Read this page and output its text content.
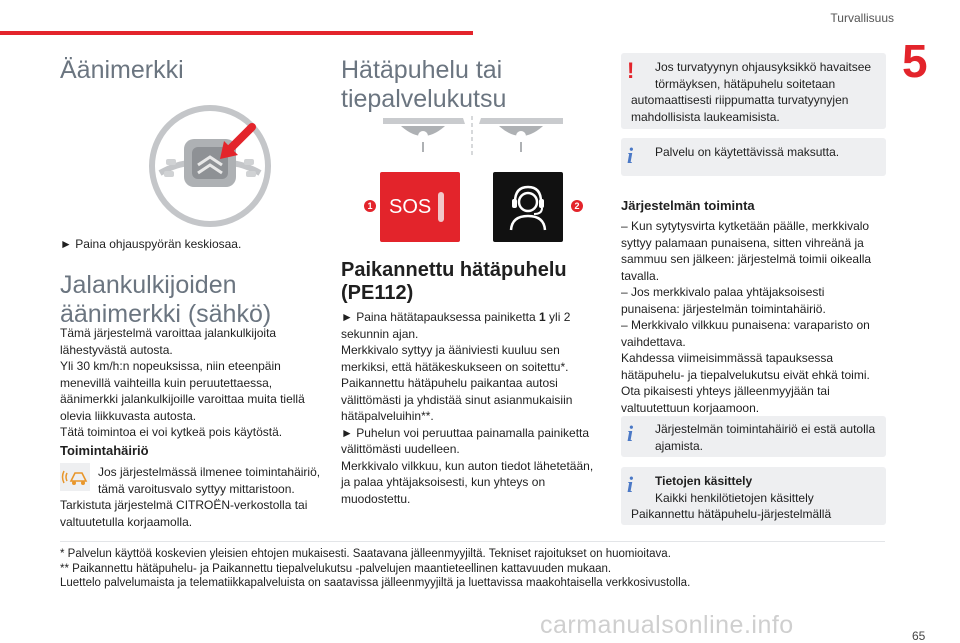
Turvallisuus
5
Äänimerkki
► Paina ohjauspyörän keskiosaa.
Jalankulkijoiden
äänimerkki (sähkö)
Tämä järjestelmä varoittaa jalankulkijoita
lähestyvästä autosta.
Yli 30 km/h:n nopeuksissa, niin eteenpäin
menevillä vaihteilla kuin peruutettaessa,
äänimerkki jalankulkijoille varoittaa muita tiellä
olevia liikkuvasta autosta.
Tätä toimintoa ei voi kytkeä pois käytöstä.
Toimintahäiriö
Jos järjestelmässä ilmenee toimintahäiriö,
tämä varoitusvalo syttyy mittaristoon.
Tarkistuta järjestelmä CITROËN-verkostolla tai
valtuutetulla korjaamolla.
Hätäpuhelu tai
tiepalvelukutsu
1 SOS	2
Paikannettu hätäpuhelu
(PE112)
► Paina hätätapauksessa painiketta 1 yli 2
sekunnin ajan.
Merkkivalo syttyy ja ääniviesti kuuluu sen
merkiksi, että hätäkeskukseen on soitettu*.
Paikannettu hätäpuhelu paikantaa autosi
välittömästi ja yhdistää sinut asianmukaisiin
hätäpalveluihin**.
► Puhelun voi peruuttaa painamalla painiketta
välittömästi uudelleen.
Merkkivalo vilkkuu, kun auton tiedot lähetetään,
ja palaa yhtäjaksoisesti, kun yhteys on
muodostettu.
!	Jos turvatyynyn ohjausyksikkö havaitsee
törmäyksen, hätäpuhelu soitetaan
automaattisesti riippumatta turvatyynyjen
mahdollisista laukeamisista.
i Palvelu on käytettävissä maksutta.
Järjestelmän toiminta
– Kun sytytysvirta kytketään päälle, merkkivalo
syttyy palamaan punaisena, sitten vihreänä ja
sammuu sen jälkeen: järjestelmä toimii oikealla
tavalla.
– Jos merkkivalo palaa yhtäjaksoisesti
punaisena: järjestelmän toimintahäiriö.
– Merkkivalo vilkkuu punaisena: varaparisto on
vaihdettava.
Kahdessa viimeisimmässä tapauksessa
hätäpuhelu- ja tiepalvelukutsu eivät ehkä toimi.
Ota pikaisesti yhteys jälleenmyyjään tai
valtuutettuun korjaamoon.
i Järjestelmän toimintahäiriö ei estä autolla
ajamista.
i Tietojen käsittely
Kaikki henkilötietojen käsittely
Paikannettu hätäpuhelu-järjestelmällä
* Palvelun käyttöä koskevien yleisien ehtojen mukaisesti. Saatavana jälleenmyyjiltä. Tekniset rajoitukset on huomioitava.
** Paikannettu hätäpuhelu- ja Paikannettu tiepalvelukutsu -palvelujen maantieteellinen kattavuuden mukaan.
Luettelo palvelumaista ja telematiikkapalveluista on saatavissa jälleenmyyjiltä ja luettavissa maakohtaisella verkkosivustolla.
carmanualsonline.info	65
